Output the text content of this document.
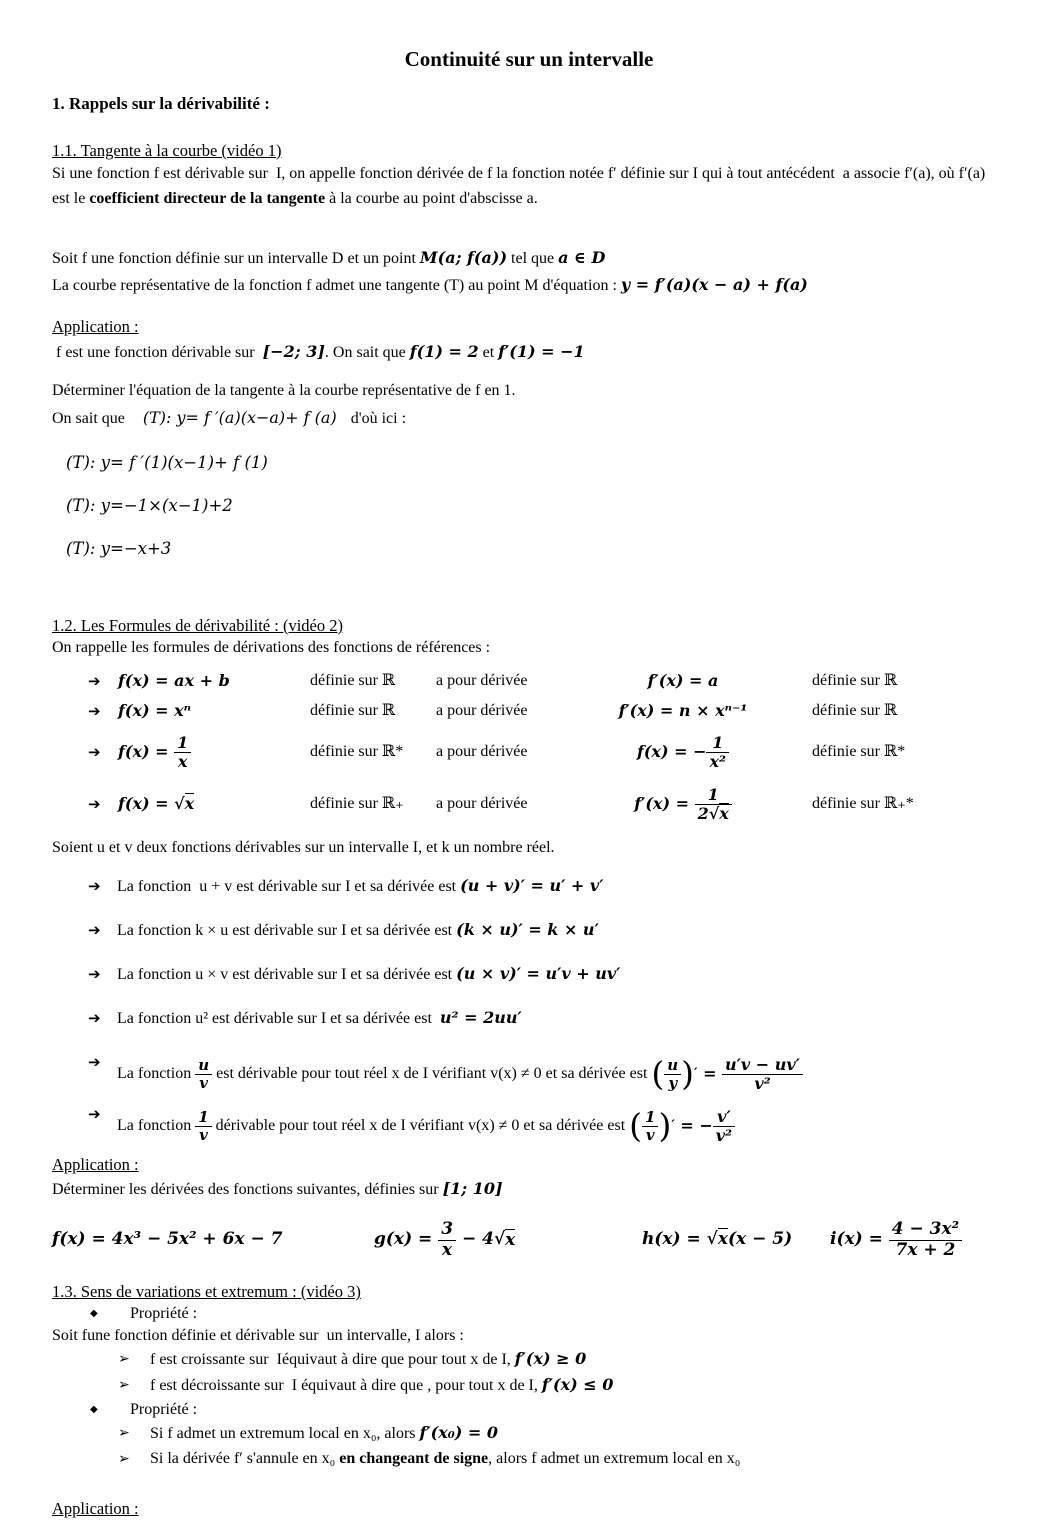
Continuité sur un intervalle
1. Rappels sur la dérivabilité :
1.1. Tangente à la courbe (vidéo 1)

Si une fonction f est dérivable sur  I, on appelle fonction dérivée de f la fonction notée f′ définie sur I qui à tout antécédent  a associe f′(a), où f′(a) est le coefficient directeur de la tangente à la courbe au point d'abscisse a.

Soit f une fonction définie sur un intervalle D et un point M(a; f(a)) tel que a ∈ D

La courbe représentative de la fonction f admet une tangente (T) au point M d'équation : y = f′(a)(x − a) + f(a)

Application :

f est une fonction dérivable sur  [−2; 3]. On sait que f(1) = 2 et f′(1) = −1

Déterminer l'équation de la tangente à la courbe représentative de f en 1.

On sait que (T): y= f ′(a)(x−a)+ f (a) d'où ici :

(T): y= f ′(1)(x−1)+ f (1)

(T): y=−1×(x−1)+2

(T): y=−x+3

1.2. Les Formules de dérivabilité : (vidéo 2)
On rappelle les formules de dérivations des fonctions de références :
➔	f(x) = ax + b	définie sur ℝ	a pour dérivée	f′(x) = a	définie sur ℝ
➔	f(x) = xⁿ	définie sur ℝ	a pour dérivée	f′(x) = n × xⁿ⁻¹	définie sur ℝ
➔	$f(x) = \frac{1}{x}$	définie sur ℝ*	a pour dérivée	f(x) = − $\frac{1}{\text{x²}}$	définie sur ℝ*
➔	f(x) = √x	définie sur ℝ₊	a pour dérivée	$f'(x) = \frac{1}{2√x}$	définie sur ℝ₊*

Soient u et v deux fonctions dérivables sur un intervalle I, et k un nombre réel.

➔	La fonction  u + v est dérivable sur I et sa dérivée est (u + v)′ = u′ + v′
➔	La fonction k × u est dérivable sur I et sa dérivée est (k × u)′ = k × u′
➔	La fonction u × v est dérivable sur I et sa dérivée est (u × v)′ = u′v + uv′
➔	La fonction u² est dérivable sur I et sa dérivée est  u² = 2uu′
➔
La fonction $\frac{u}{v}$ est dérivable pour tout réel x de I vérifiant v(x) ≠ 0 et sa dérivée est ( $\frac{u}{y}$ ) ′ = $\frac{u'v - uv'}{\text{v²}}$
➔
La fonction $\frac{1}{v}$ dérivable pour tout réel x de I vérifiant v(x) ≠ 0 et sa dérivée est ( $\frac{1}{v}$ ) ′ = − $\frac{v'}{\text{v²}}$
Application :

Déterminer les dérivées des fonctions suivantes, définies sur [1; 10]

f(x) = 4x³ − 5x² + 6x − 7	$g(x) = \frac{3}{x} - 4√x$	h(x) = √x(x − 5)	$i(x) = \frac{\text{4 − 3x²}}{7x + 2}$
1.3. Sens de variations et extremum : (vidéo 3)
◆	Propriété :
Soit fune fonction définie et dérivable sur  un intervalle, I alors :
➢	f est croissante sur  Iéquivaut à dire que pour tout x de I, f′(x) ≥ 0
➢	f est décroissante sur  I équivaut à dire que , pour tout x de I, f′(x) ≤ 0
◆	Propriété :
➢	Si f admet un extremum local en x₀, alors f′(x₀) = 0
➢	Si la dérivée f′ s'annule en x₀ en changeant de signe, alors f admet un extremum local en x₀
Application :
